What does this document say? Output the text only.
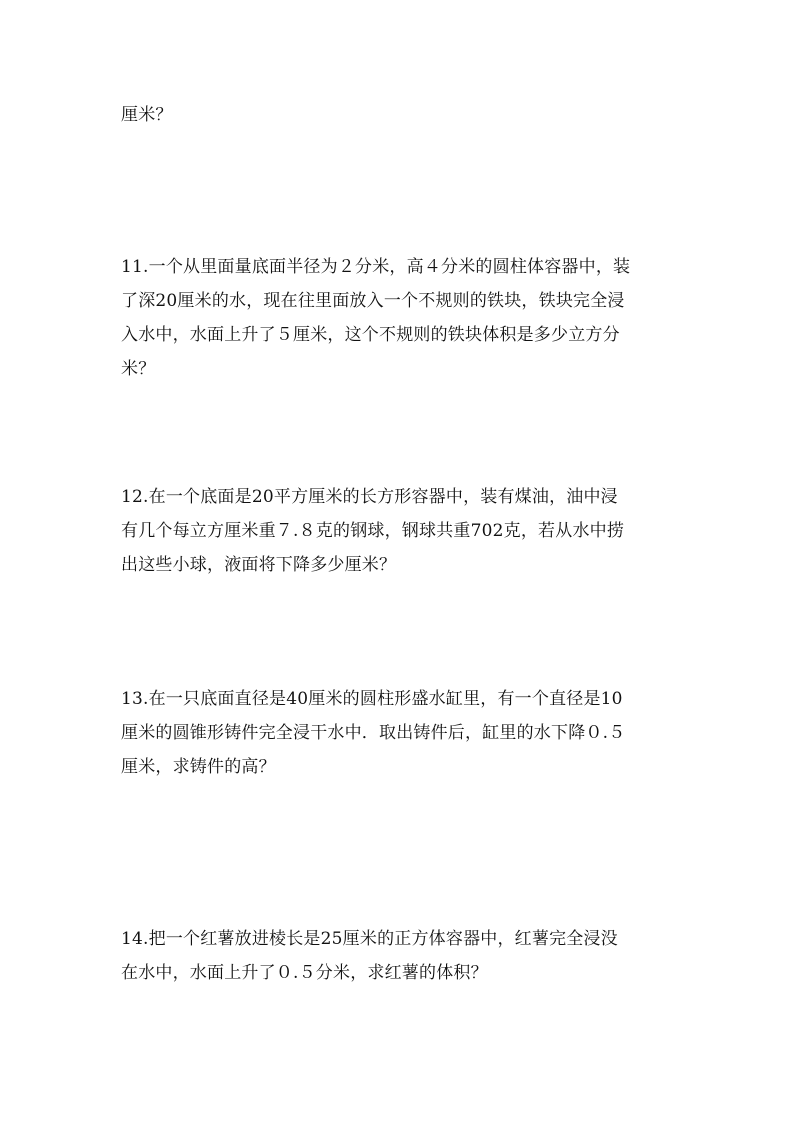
厘米？
11.一个从里面量底面半径为２分米，高４分米的圆柱体容器中，装
了深20厘米的水，现在往里面放入一个不规则的铁块，铁块完全浸
入水中，水面上升了５厘米，这个不规则的铁块体积是多少立方分
米？
12.在一个底面是20平方厘米的长方形容器中，装有煤油，油中浸
有几个每立方厘米重７.８克的钢球，钢球共重702克，若从水中捞
出这些小球，液面将下降多少厘米？
13.在一只底面直径是40厘米的圆柱形盛水缸里，有一个直径是10
厘米的圆锥形铸件完全浸干水中．取出铸件后，缸里的水下降０.５
厘米，求铸件的高？
14.把一个红薯放进棱长是25厘米的正方体容器中，红薯完全浸没
在水中，水面上升了０.５分米，求红薯的体积？
